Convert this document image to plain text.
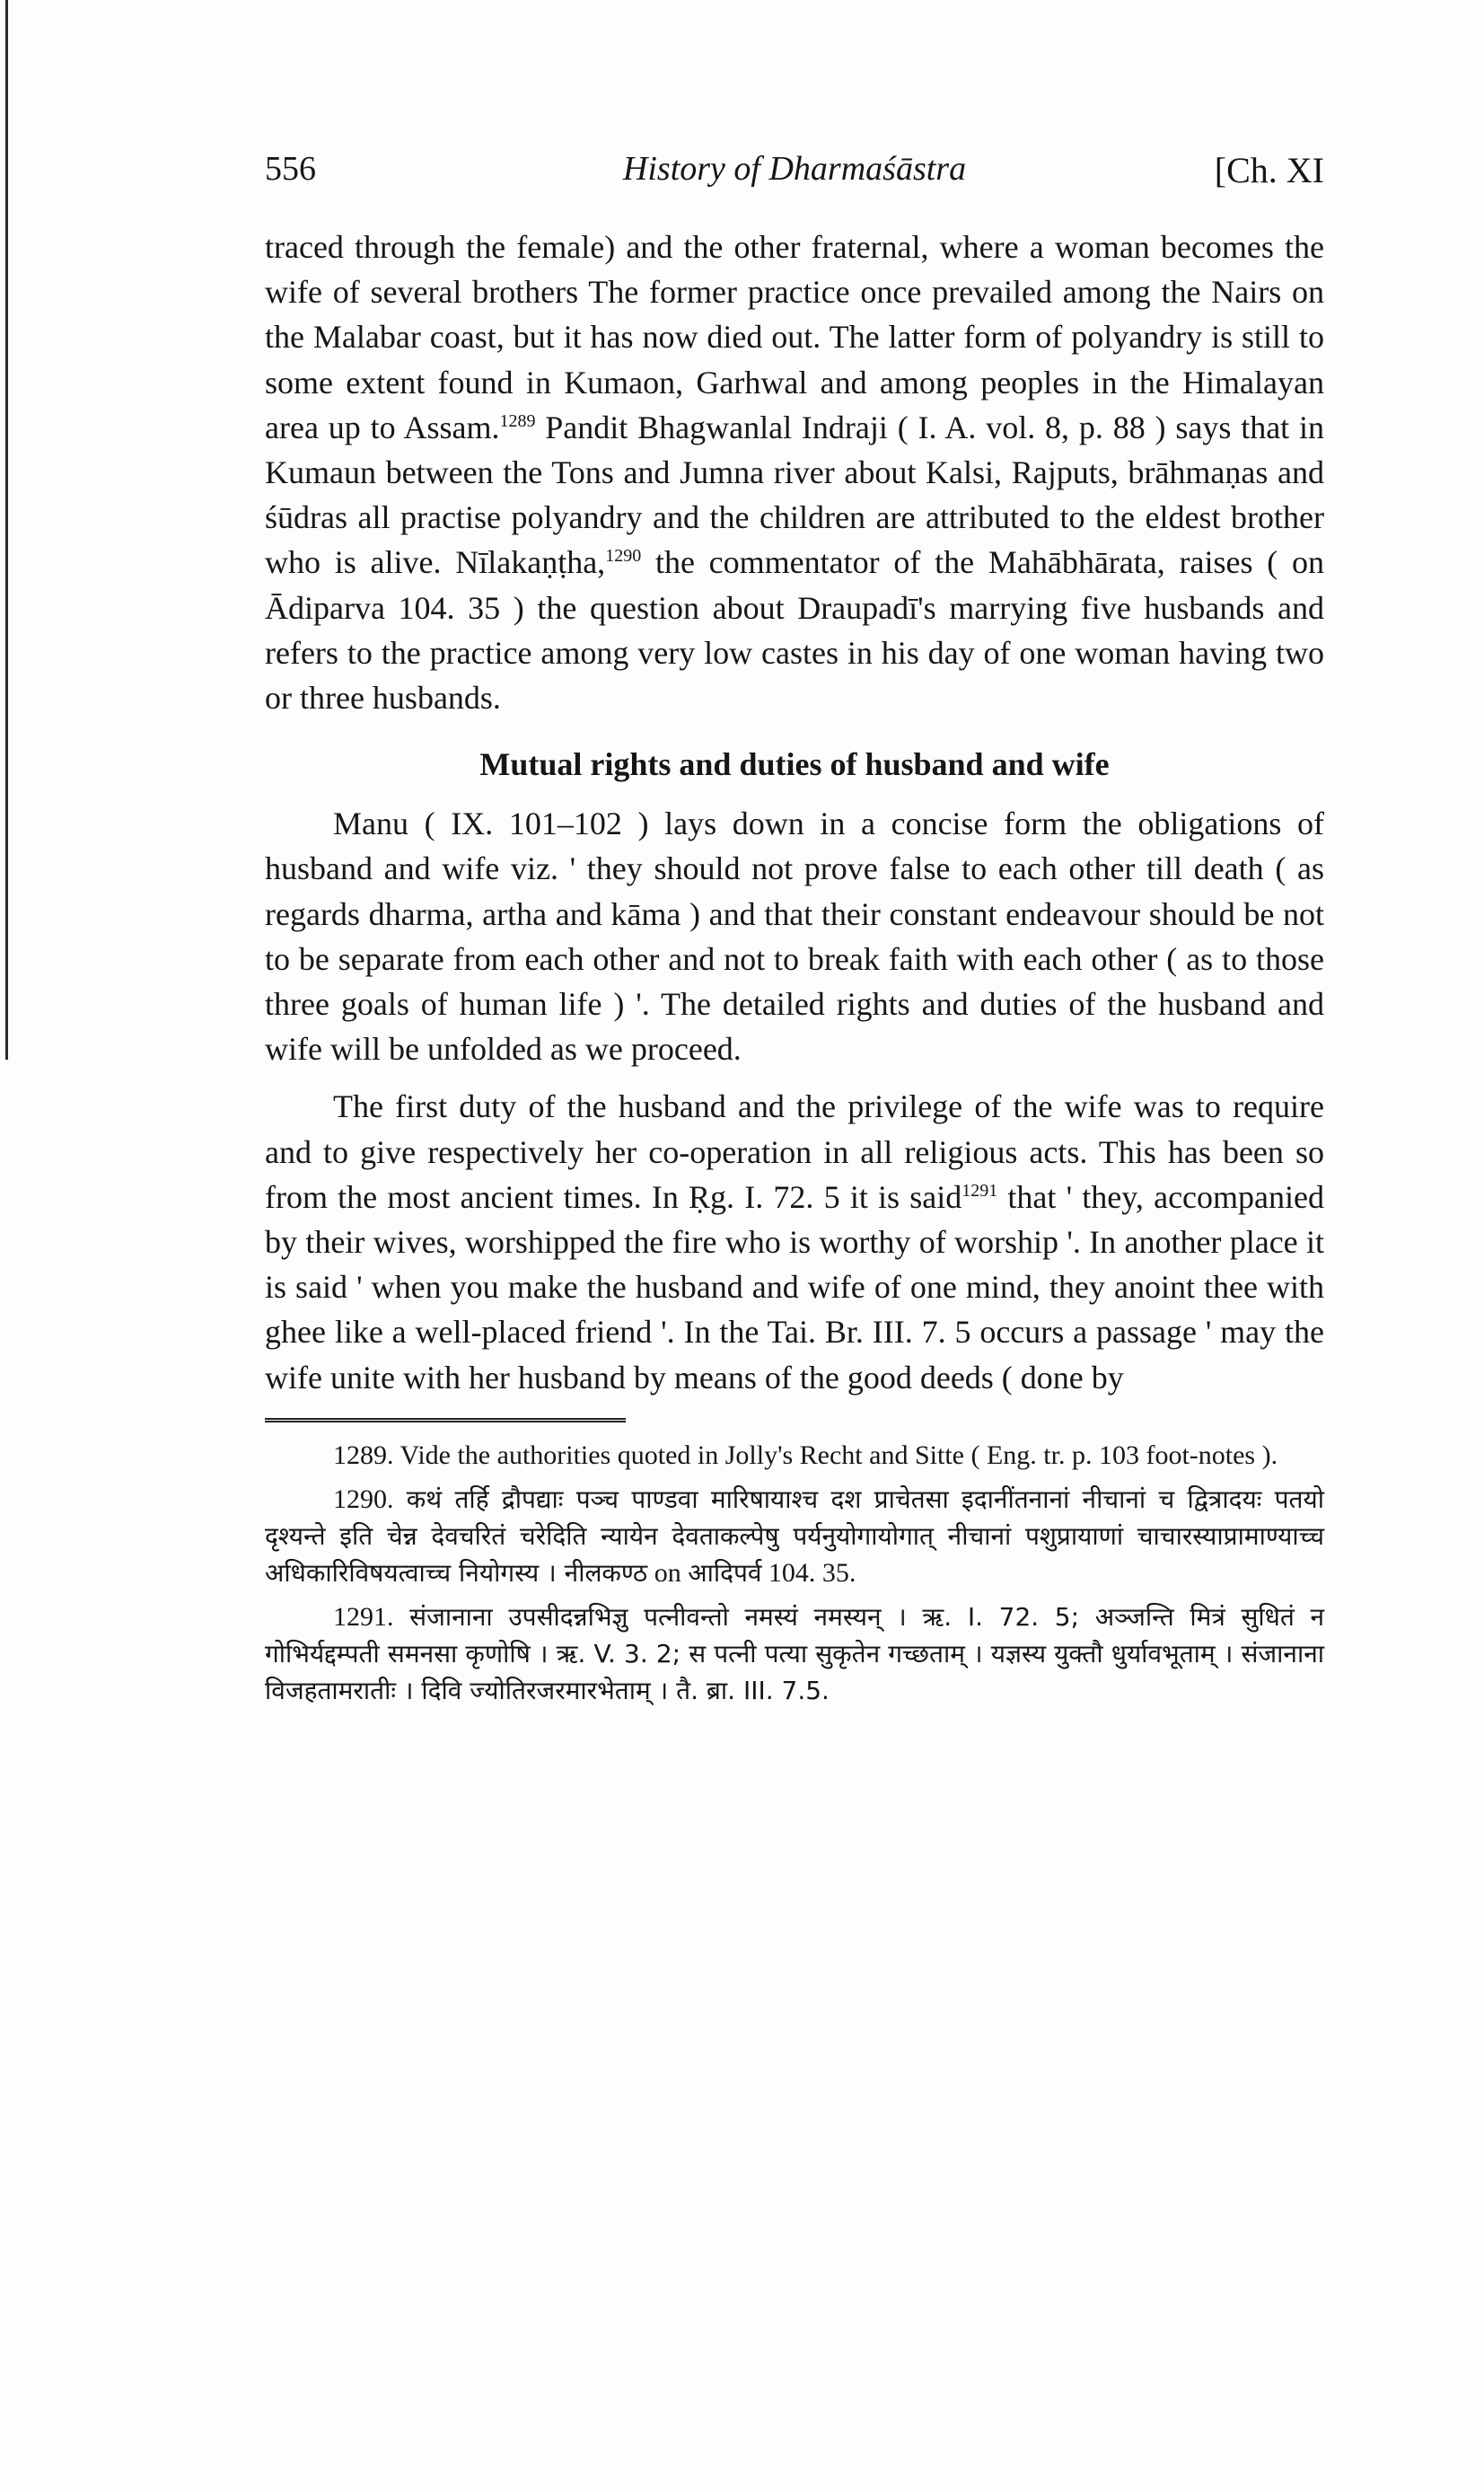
556	History of Dharmaśāstra	[Ch. XI

traced through the female) and the other fraternal, where a woman becomes the wife of several brothers The former practice once prevailed among the Nairs on the Malabar coast, but it has now died out. The latter form of polyandry is still to some extent found in Kumaon, Garhwal and among peoples in the Himalayan area up to Assam.$^{1289}$ Pandit Bhagwanlal Indraji ( I. A. vol. 8, p. 88 ) says that in Kumaun between the Tons and Jumna river about Kalsi, Rajputs, brāhmaṇas and śūdras all practise polyandry and the children are attributed to the eldest brother who is alive. Nīlakaṇṭha,$^{1290}$ the commentator of the Mahābhārata, raises ( on Ādiparva 104. 35 ) the question about Draupadī's marrying five husbands and refers to the practice among very low castes in his day of one woman having two or three husbands.

Mutual rights and duties of husband and wife

Manu ( IX. 101–102 ) lays down in a concise form the obligations of husband and wife viz. ' they should not prove false to each other till death ( as regards dharma, artha and kāma ) and that their constant endeavour should be not to be separate from each other and not to break faith with each other ( as to those three goals of human life ) '. The detailed rights and duties of the husband and wife will be unfolded as we proceed.

The first duty of the husband and the privilege of the wife was to require and to give respectively her co-operation in all religious acts. This has been so from the most ancient times. In Ṛg. I. 72. 5 it is said$^{1291}$ that ' they, accompanied by their wives, worshipped the fire who is worthy of worship '. In another place it is said ' when you make the husband and wife of one mind, they anoint thee with ghee like a well-placed friend '. In the Tai. Br. III. 7. 5 occurs a passage ' may the wife unite with her husband by means of the good deeds ( done by

1289. Vide the authorities quoted in Jolly's Recht and Sitte ( Eng. tr. p. 103 foot-notes ).

1290. कथं तर्हि द्रौपद्याः पञ्च पाण्डवा मारिषायाश्च दश प्राचेतसा इदानींतनानां नीचानां च द्वित्रादयः पतयो दृश्यन्ते इति चेन्न देवचरितं चरेदिति न्यायेन देवताकल्पेषु पर्यनुयोगायोगात् नीचानां पशुप्रायाणां चाचारस्याप्रामाण्याच्च अधिकारिविषयत्वाच्च नियोगस्य । नीलकण्ठ on आदिपर्व 104. 35.

1291. संजानाना उपसीदन्नभिज्ञु पत्नीवन्तो नमस्यं नमस्यन् । ऋ. I. 72. 5; अञ्जन्ति मित्रं सुधितं न गोभिर्यद्दम्पती समनसा कृणोषि । ऋ. V. 3. 2; स पत्नी पत्या सुकृतेन गच्छताम् । यज्ञस्य युक्तौ धुर्यावभूताम् । संजानाना विजहतामरातीः । दिवि ज्योतिरजरमारभेताम् । तै. ब्रा. III. 7.5.
